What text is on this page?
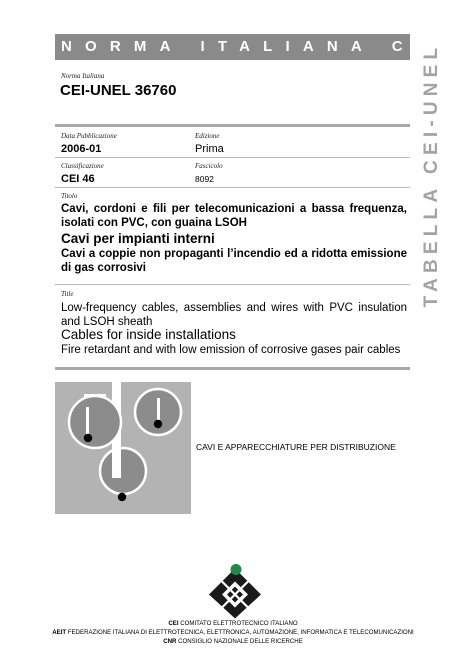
NORMA ITALIANA CEI
TABELLA CEI-UNEL
Norma Italiana
CEI-UNEL 36760
Data Pubblicazione	Edizione
2006-01	Prima
Classificazione	Fascicolo
CEI 46	8092
Titolo
Cavi, cordoni e fili per telecomunicazioni a bassa frequenza, isolati con PVC, con guaina LSOH
Cavi per impianti interni
Cavi a coppie non propaganti l’incendio ed a ridotta emissione di gas corrosivi
Title
Low-frequency cables, assemblies and wires with PVC insulation and LSOH sheath
Cables for inside installations
Fire retardant and with low emission of corrosive gases pair cables
CAVI E APPARECCHIATURE PER DISTRIBUZIONE
CEI COMITATO ELETTROTECNICO ITALIANO
AEIT FEDERAZIONE ITALIANA DI ELETTROTECNICA, ELETTRONICA, AUTOMAZIONE, INFORMATICA E TELECOMUNICAZIONI
CNR CONSIGLIO NAZIONALE DELLE RICERCHE
